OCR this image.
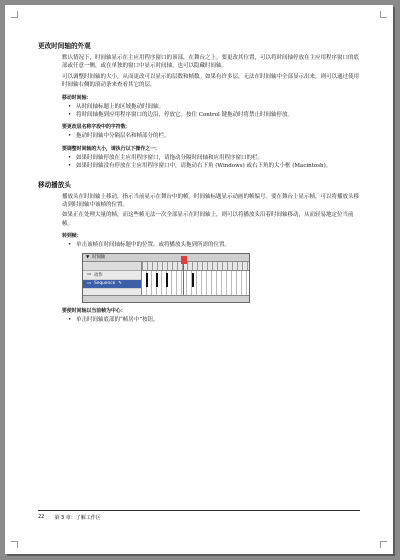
更改时间轴的外观
默认情况下，时间轴显示在主应用程序窗口的顶部，在舞台之上。要更改其位置，可以将时间轴停放在主应用程序窗口的底部或任意一侧，或在单独的窗口中显示时间轴。也可以隐藏时间轴。
可以调整时间轴的大小，从而更改可以显示的层数和帧数。如果有许多层，无法在时间轴中全部显示出来，则可以通过使用时间轴右侧的滚动条来查看其它的层。
移动时间轴：
• 从时间轴标题上的区域拖动时间轴。
• 将时间轴拖到应用程序窗口的边沿，停放它。按住 Control 键拖动时将禁止时间轴停放。
要更改层名称字段中的字符数：
• 拖动时间轴中分隔层名和帧部分的栏。
要调整时间轴的大小，请执行以下操作之一：
• 如果时间轴停放在主应用程序窗口，请拖动分隔时间轴和应用程序窗口的栏。
• 如果时间轴没有停放在主应用程序窗口中，请拖动右下角 (Windows) 或右下角的大小框 (Macintosh)。
移动播放头
播放头在时间轴上移动，指示当前显示在舞台中的帧。时间轴标题显示动画的帧编号。要在舞台上显示帧，可以将播放头移动到时间轴中该帧的位置。
如果正在处理大量的帧，而这些帧无法一次全部显示在时间轴上，则可以将播放头沿着时间轴移动，从而轻易地定位当前帧。
转到帧：
• 单击该帧在时间轴标题中的位置，或将播放头拖到所需的位置。
▼ 时间轴
▭ 动作
▭ Sequence ✎
要使时间轴以当前帧为中心：
• 单击时间轴底部的“帧居中”按钮。
22 第 3 章：了解工作区
